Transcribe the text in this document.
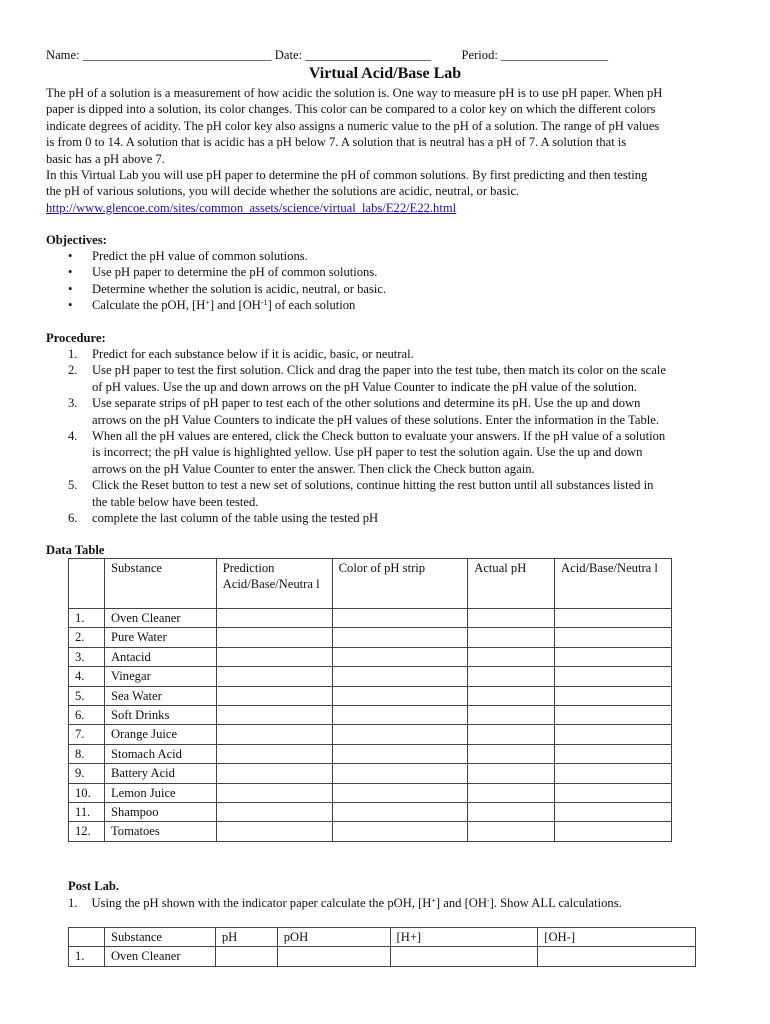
Name: ______________________________ Date: ____________________ Period: _________________
Virtual Acid/Base Lab
The pH of a solution is a measurement of how acidic the solution is. One way to measure pH is to use pH paper. When pH
paper is dipped into a solution, its color changes. This color can be compared to a color key on which the different colors
indicate degrees of acidity. The pH color key also assigns a numeric value to the pH of a solution. The range of pH values
is from 0 to 14. A solution that is acidic has a pH below 7. A solution that is neutral has a pH of 7. A solution that is
basic has a pH above 7.
In this Virtual Lab you will use pH paper to determine the pH of common solutions. By first predicting and then testing
the pH of various solutions, you will decide whether the solutions are acidic, neutral, or basic.
http://www.glencoe.com/sites/common_assets/science/virtual_labs/E22/E22.html
Objectives:
• Predict the pH value of common solutions.
• Use pH paper to determine the pH of common solutions.
• Determine whether the solution is acidic, neutral, or basic.
• Calculate the pOH, [H+] and $[OH^{-1}]$ of each solution
Procedure:
1. Predict for each substance below if it is acidic, basic, or neutral.
2. Use pH paper to test the first solution. Click and drag the paper into the test tube, then match its color on the scale
of pH values. Use the up and down arrows on the pH Value Counter to indicate the pH value of the solution.
3. Use separate strips of pH paper to test each of the other solutions and determine its pH. Use the up and down
arrows on the pH Value Counters to indicate the pH values of these solutions. Enter the information in the Table.
4. When all the pH values are entered, click the Check button to evaluate your answers. If the pH value of a solution
is incorrect; the pH value is highlighted yellow. Use pH paper to test the solution again. Use the up and down
arrows on the pH Value Counter to enter the answer. Then click the Check button again.
5. Click the Reset button to test a new set of solutions, continue hitting the rest button until all substances listed in
the table below have been tested.
6. complete the last column of the table using the tested pH
Data Table
	Substance	Prediction Acid/Base/Neutra l	Color of pH strip	Actual pH	Acid/Base/Neutra l
1.	Oven Cleaner				
2.	Pure Water				
3.	Antacid				
4.	Vinegar				
5.	Sea Water				
6.	Soft Drinks				
7.	Orange Juice				
8.	Stomach Acid				
9.	Battery Acid				
10.	Lemon Juice				
11.	Shampoo				
12.	Tomatoes				
Post Lab.
1. Using the pH shown with the indicator paper calculate the pOH, [H+] and [OH-]. Show ALL calculations.
	Substance	pH	pOH	[H+]	[OH-]
1.	Oven Cleaner				
